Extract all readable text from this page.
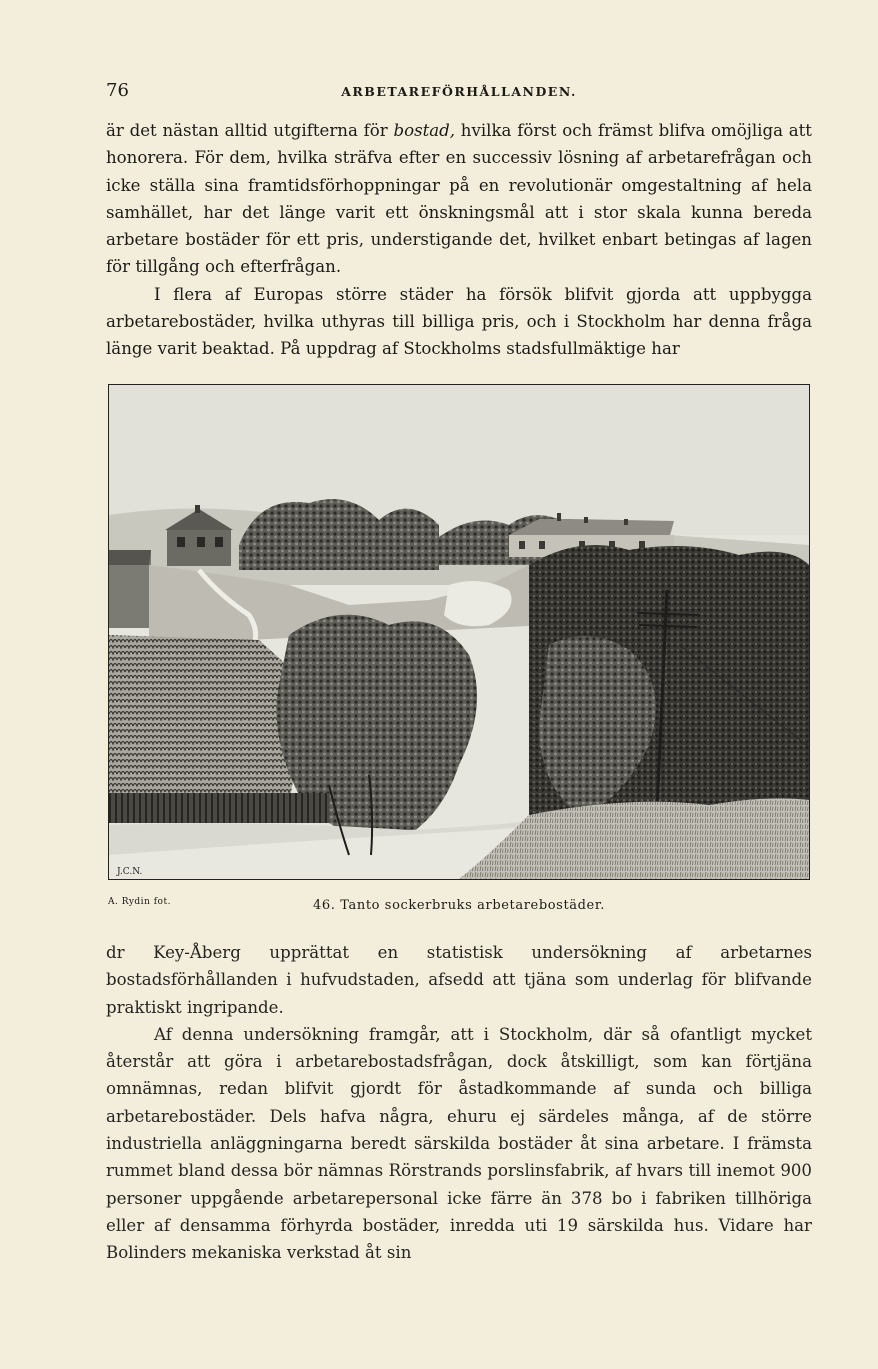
76	ARBETAREFÖRHÅLLANDEN.

är det nästan alltid utgifterna för bostad, hvilka först och främst blifva omöjliga att honorera. För dem, hvilka sträfva efter en successiv lösning af arbetarefrågan och icke ställa sina framtidsförhoppningar på en revolutionär omgestaltning af hela samhället, har det länge varit ett önskningsmål att i stor skala kunna bereda arbetare bostäder för ett pris, understigande det, hvilket enbart betingas af lagen för tillgång och efterfrågan.

I flera af Europas större städer ha försök blifvit gjorda att uppbygga arbetarebostäder, hvilka uthyras till billiga pris, och i Stockholm har denna fråga länge varit beaktad. På uppdrag af Stockholms stadsfullmäktige har

J.C.N.
A. Rydin fot.	46. Tanto sockerbruks arbetarebostäder.

dr Key-Åberg upprättat en statistisk undersökning af arbetarnes bostadsförhållanden i hufvudstaden, afsedd att tjäna som underlag för blifvande praktiskt ingripande.

Af denna undersökning framgår, att i Stockholm, där så ofantligt mycket återstår att göra i arbetarebostadsfrågan, dock åtskilligt, som kan förtjäna omnämnas, redan blifvit gjordt för åstadkommande af sunda och billiga arbetarebostäder. Dels hafva några, ehuru ej särdeles många, af de större industriella anläggningarna beredt särskilda bostäder åt sina arbetare. I främsta rummet bland dessa bör nämnas Rörstrands porslinsfabrik, af hvars till inemot 900 personer uppgående arbetarepersonal icke färre än 378 bo i fabriken tillhöriga eller af densamma förhyrda bostäder, inredda uti 19 särskilda hus. Vidare har Bolinders mekaniska verkstad åt sin
